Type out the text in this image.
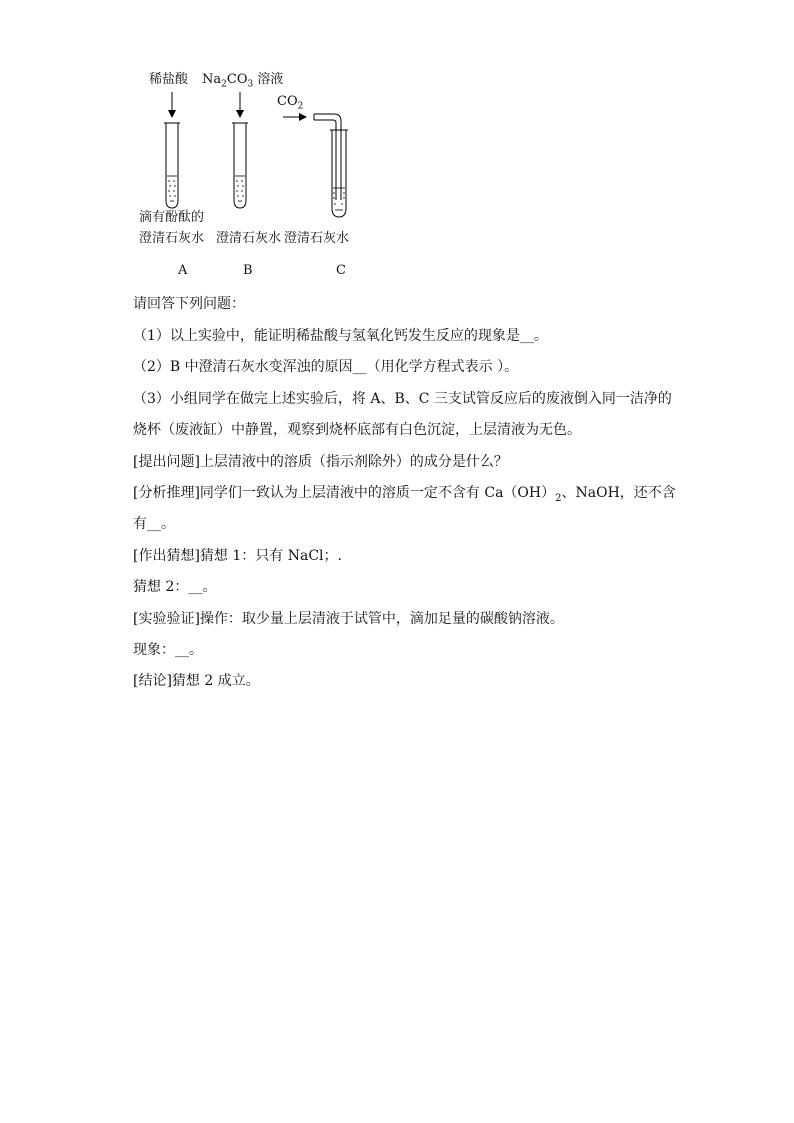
稀盐酸 $Na_2CO_3$ 溶液
$CO_2$
滴有酚酞的
澄清石灰水 澄清石灰水 澄清石灰水
A	B	C
请回答下列问题：
（1）以上实验中，能证明稀盐酸与氢氧化钙发生反应的现象是__。
（2）B 中澄清石灰水变浑浊的原因__（用化学方程式表示 ）。
（3）小组同学在做完上述实验后，将 A、B、C 三支试管反应后的废液倒入同一洁净的
烧杯（废液缸）中静置，观察到烧杯底部有白色沉淀，上层清液为无色。
[提出问题]上层清液中的溶质（指示剂除外）的成分是什么？
[分析推理]同学们一致认为上层清液中的溶质一定不含有 $Ca(OH)_2$、NaOH，还不含
有__。
[作出猜想]猜想 1：只有 NaCl；.
猜想 2：__。
[实验验证]操作：取少量上层清液于试管中，滴加足量的碳酸钠溶液。
现象：__。
[结论]猜想 2 成立。
